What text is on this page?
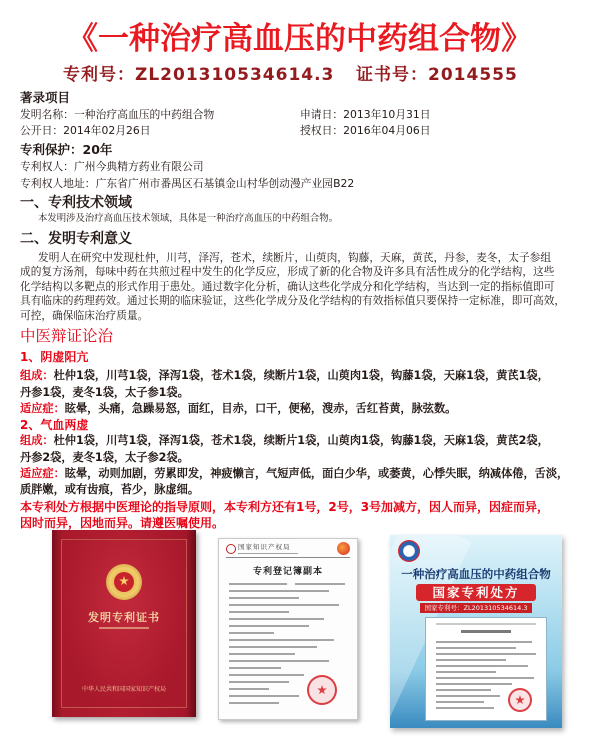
《一种治疗高血压的中药组合物》
专利号：ZL201310534614.3 证书号：2014555
著录项目
发明名称：一种治疗高血压的中药组合物	申请日：2013年10月31日
公开日：2014年02月26日	授权日：2016年04月06日
专利保护：20年
专利权人：广州今典精方药业有限公司
专利权人地址：广东省广州市番禺区石基镇金山村华创动漫产业园B22
一、专利技术领域
本发明涉及治疗高血压技术领域，具体是一种治疗高血压的中药组合物。
二、发明专利意义
发明人在研究中发现杜仲，川芎，泽泻，苍术，续断片，山萸肉，钩藤，天麻，黄芪，丹参，麦冬，太子参组
成的复方汤剂，每味中药在共煎过程中发生的化学反应，形成了新的化合物及许多具有活性成分的化学结构，这些
化学结构以多靶点的形式作用于患处。通过数字化分析，确认这些化学成分和化学结构，当达到一定的指标值即可
具有临床的药理药效。通过长期的临床验证，这些化学成分及化学结构的有效指标值只要保持一定标准，即可高效，
可控，确保临床治疗质量。
中医辩证论治
1、阴虚阳亢
组成：杜仲1袋，川芎1袋，泽泻1袋，苍术1袋，续断片1袋，山萸肉1袋，钩藤1袋，天麻1袋，黄芪1袋，
丹参1袋，麦冬1袋，太子参1袋。
适应症：眩晕，头痛，急躁易怒，面红，目赤，口干，便秘，溲赤，舌红苔黄，脉弦数。
2、气血两虚
组成：杜仲1袋，川芎1袋，泽泻1袋，苍术1袋，续断片1袋，山萸肉1袋，钩藤1袋，天麻1袋，黄芪2袋，
丹参2袋，麦冬1袋，太子参2袋。
适应症：眩晕，动则加剧，劳累即发，神疲懒言，气短声低，面白少华，或萎黄，心悸失眠，纳减体倦，舌淡，
质胖嫩，或有齿痕，苔少，脉虚细。
本专利处方根据中医理论的指导原则，本专利方还有1号，2号，3号加减方，因人而异，因症而异，
因时而异，因地而异。请遵医嘱使用。
发明专利证书
中华人民共和国国家知识产权局
国家知识产权局
专利登记簿副本	一种治疗高血压的中药组合物
国家专利处方
国家专利号：ZL201310534614.3
